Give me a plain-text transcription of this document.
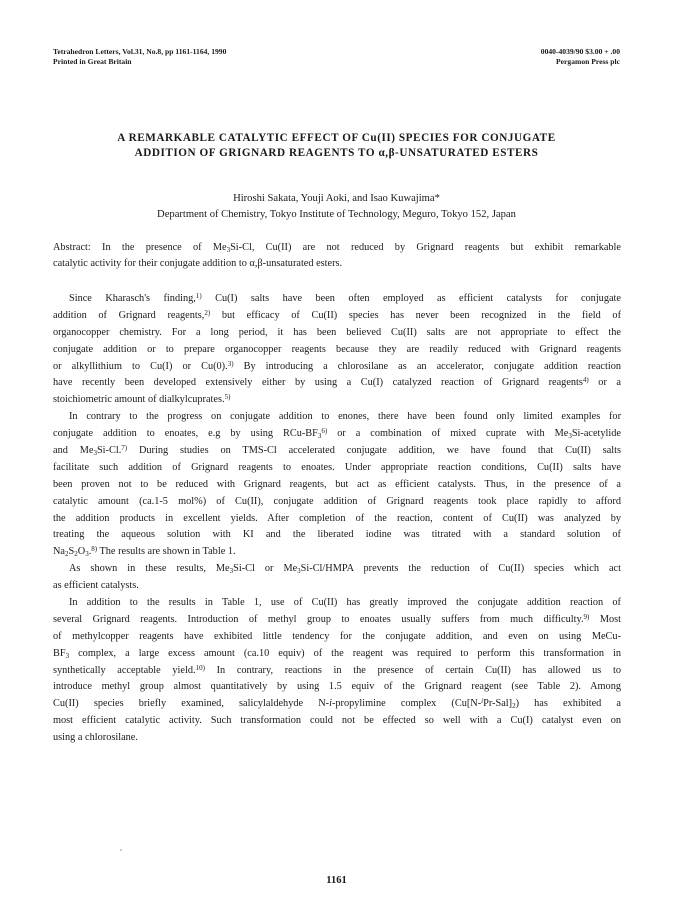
Tetrahedron Letters, Vol.31, No.8, pp 1161-1164, 1990
Printed in Great Britain
0040-4039/90 $3.00 + .00
Pergamon Press plc
A REMARKABLE CATALYTIC EFFECT OF Cu(II) SPECIES FOR CONJUGATE
ADDITION OF GRIGNARD REAGENTS TO α,β-UNSATURATED ESTERS
Hiroshi Sakata, Youji Aoki, and Isao Kuwajima*
Department of Chemistry, Tokyo Institute of Technology, Meguro, Tokyo 152, Japan
Abstract: In the presence of $Me_3Si-Cl$, Cu(II) are not reduced by Grignard reagents but exhibit remarkable
catalytic activity for their conjugate addition to α,β-unsaturated esters.
Since Kharasch's finding,$^{1)}$ Cu(I) salts have been often employed as efficient catalysts for conjugate
addition of Grignard reagents,$^{2)}$ but efficacy of Cu(II) species has never been recognized in the field of
organocopper chemistry. For a long period, it has been believed Cu(II) salts are not appropriate to effect the
conjugate addition or to prepare organocopper reagents because they are readily reduced with Grignard reagents
or alkyllithium to Cu(I) or Cu(0).$^{3)}$ By introducing a chlorosilane as an accelerator, conjugate addition reaction
have recently been developed extensively either by using a Cu(I) catalyzed reaction of Grignard reagents$^{4)}$ or a
stoichiometric amount of dialkylcuprates.$^{5)}$
In contrary to the progress on conjugate addition to enones, there have been found only limited examples for
conjugate addition to enoates, e.g by using RCu-$BF_3^{6)}$ or a combination of mixed cuprate with $Me_3Si$-acetylide
and $Me_3Si-Cl.^{7)}$ During studies on TMS-Cl accelerated conjugate addition, we have found that Cu(II) salts
facilitate such addition of Grignard reagents to enoates. Under appropriate reaction conditions, Cu(II) salts have
been proven not to be reduced with Grignard reagents, but act as efficient catalysts. Thus, in the presence of a
catalytic amount (ca.1-5 mol%) of Cu(II), conjugate addition of Grignard reagents took place rapidly to afford
the addition products in excellent yields. After completion of the reaction, content of Cu(II) was analyzed by
treating the aqueous solution with KI and the liberated iodine was titrated with a standard solution of
$Na_2S_2O_3.^{8)}$ The results are shown in Table 1.
As shown in these results, $Me_3Si-Cl$ or $Me_3Si-Cl$/HMPA prevents the reduction of Cu(II) species which act
as efficient catalysts.
In addition to the results in Table 1, use of Cu(II) has greatly improved the conjugate addition reaction of
several Grignard reagents. Introduction of methyl group to enoates usually suffers from much difficulty.$^{9)}$ Most
of methylcopper reagents have exhibited little tendency for the conjugate addition, and even on using MeCu-
$BF_3$ complex, a large excess amount (ca.10 equiv) of the reagent was required to perform this transformation in
synthetically acceptable yield.$^{10)}$ In contrary, reactions in the presence of certain Cu(II) has allowed us to
introduce methyl group almost quantitatively by using 1.5 equiv of the Grignard reagent (see Table 2). Among
Cu(II) species briefly examined, salicylaldehyde N-i-propylimine complex $(Cu[N-^iPr-Sal]_2)$ has exhibited a
most efficient catalytic activity. Such transformation could not be effected so well with a Cu(I) catalyst even on
using a chlorosilane.
1161
